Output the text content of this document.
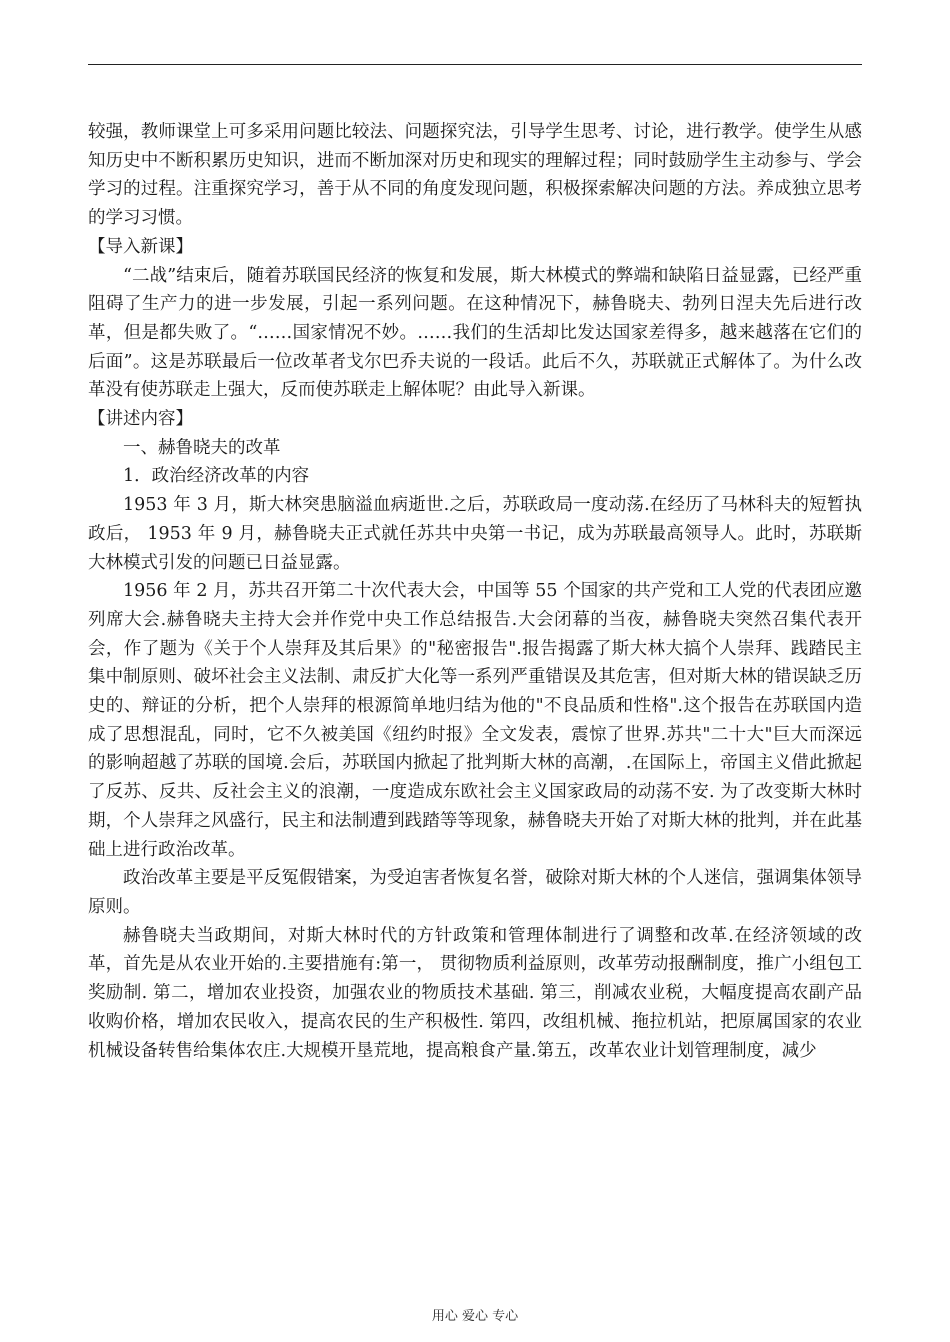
较强，教师课堂上可多采用问题比较法、问题探究法，引导学生思考、讨论，进行教学。使学生从感知历史中不断积累历史知识，进而不断加深对历史和现实的理解过程；同时鼓励学生主动参与、学会学习的过程。注重探究学习，善于从不同的角度发现问题，积极探索解决问题的方法。养成独立思考的学习习惯。

【导入新课】

“二战”结束后，随着苏联国民经济的恢复和发展，斯大林模式的弊端和缺陷日益显露，已经严重阻碍了生产力的进一步发展，引起一系列问题。在这种情况下，赫鲁晓夫、勃列日涅夫先后进行改革，但是都失败了。“……国家情况不妙。……我们的生活却比发达国家差得多，越来越落在它们的后面”。这是苏联最后一位改革者戈尔巴乔夫说的一段话。此后不久，苏联就正式解体了。为什么改革没有使苏联走上强大，反而使苏联走上解体呢？由此导入新课。

【讲述内容】

一、赫鲁晓夫的改革

1．政治经济改革的内容

1953 年 3 月，斯大林突患脑溢血病逝世.之后，苏联政局一度动荡.在经历了马林科夫的短暂执政后， 1953 年 9 月，赫鲁晓夫正式就任苏共中央第一书记，成为苏联最高领导人。此时，苏联斯大林模式引发的问题已日益显露。

1956 年 2 月，苏共召开第二十次代表大会，中国等 55 个国家的共产党和工人党的代表团应邀列席大会.赫鲁晓夫主持大会并作党中央工作总结报告.大会闭幕的当夜，赫鲁晓夫突然召集代表开会，作了题为《关于个人崇拜及其后果》的"秘密报告".报告揭露了斯大林大搞个人崇拜、践踏民主集中制原则、破坏社会主义法制、肃反扩大化等一系列严重错误及其危害，但对斯大林的错误缺乏历史的、辩证的分析，把个人崇拜的根源简单地归结为他的"不良品质和性格".这个报告在苏联国内造成了思想混乱，同时，它不久被美国《纽约时报》全文发表，震惊了世界.苏共"二十大"巨大而深远的影响超越了苏联的国境.会后，苏联国内掀起了批判斯大林的高潮，.在国际上，帝国主义借此掀起了反苏、反共、反社会主义的浪潮，一度造成东欧社会主义国家政局的动荡不安. 为了改变斯大林时期，个人崇拜之风盛行，民主和法制遭到践踏等等现象，赫鲁晓夫开始了对斯大林的批判，并在此基础上进行政治改革。

政治改革主要是平反冤假错案，为受迫害者恢复名誉，破除对斯大林的个人迷信，强调集体领导原则。

赫鲁晓夫当政期间，对斯大林时代的方针政策和管理体制进行了调整和改革.在经济领域的改革，首先是从农业开始的.主要措施有:第一， 贯彻物质利益原则，改革劳动报酬制度，推广小组包工奖励制. 第二，增加农业投资，加强农业的物质技术基础. 第三，削减农业税，大幅度提高农副产品收购价格，增加农民收入，提高农民的生产积极性. 第四，改组机械、拖拉机站，把原属国家的农业机械设备转售给集体农庄.大规模开垦荒地，提高粮食产量.第五，改革农业计划管理制度，减少

用心 爱心 专心
